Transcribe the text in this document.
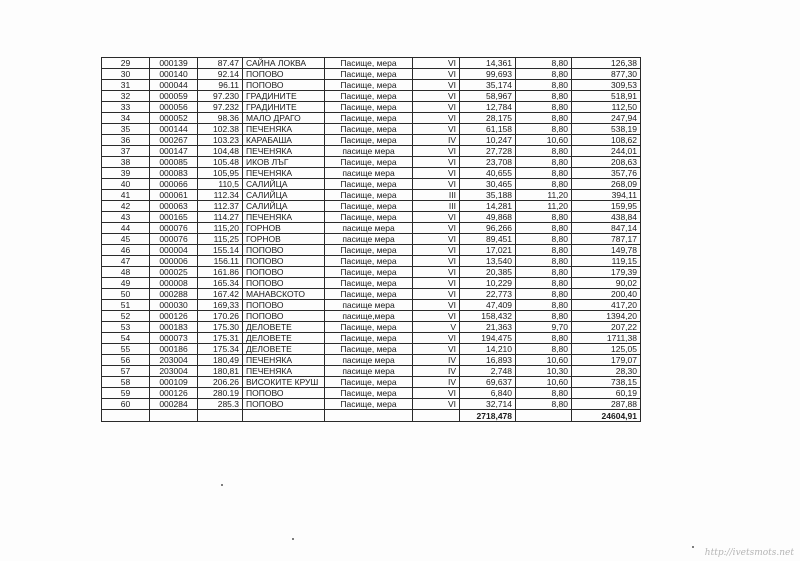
29	000139	87.47	САЙНА ЛОКВА	Пасище, мера	VI	14,361	8,80	126,38
30	000140	92.14	ПОПОВО	Пасище, мера	VI	99,693	8,80	877,30
31	000044	96.11	ПОПОВО	Пасище, мера	VI	35,174	8,80	309,53
32	000059	97.230	ГРАДИНИТЕ	Пасище, мера	VI	58,967	8,80	518,91
33	000056	97.232	ГРАДИНИТЕ	Пасище, мера	VI	12,784	8,80	112,50
34	000052	98.36	МАЛО ДРАГО	Пасище, мера	VI	28,175	8,80	247,94
35	000144	102.38	ПЕЧЕНЯКА	Пасище, мера	VI	61,158	8,80	538,19
36	000267	103.23	КАРАБАША	Пасище, мера	IV	10,247	10,60	108,62
37	000147	104,48	ПЕЧЕНЯКА	пасище мера	VI	27,728	8,80	244,01
38	000085	105.48	ИКОВ ЛЪГ	Пасище, мера	VI	23,708	8,80	208,63
39	000083	105,95	ПЕЧЕНЯКА	пасище мера	VI	40,655	8,80	357,76
40	000066	110,5	САЛИЙЦА	Пасище, мера	VI	30,465	8,80	268,09
41	000061	112.34	САЛИЙЦА	Пасище, мера	III	35,188	11,20	394,11
42	000063	112.37	САЛИЙЦА	Пасище, мера	III	14,281	11,20	159,95
43	000165	114.27	ПЕЧЕНЯКА	Пасище, мера	VI	49,868	8,80	438,84
44	000076	115,20	ГОРНОВ	пасище мера	VI	96,266	8,80	847,14
45	000076	115,25	ГОРНОВ	пасище мера	VI	89,451	8,80	787,17
46	000004	155.14	ПОПОВО	Пасище, мера	VI	17,021	8,80	149,78
47	000006	156.11	ПОПОВО	Пасище, мера	VI	13,540	8,80	119,15
48	000025	161.86	ПОПОВО	Пасище, мера	VI	20,385	8,80	179,39
49	000008	165.34	ПОПОВО	Пасище, мера	VI	10,229	8,80	90,02
50	000288	167.42	МАНАВСКОТО	Пасище, мера	VI	22,773	8,80	200,40
51	000030	169,33	ПОПОВО	пасище мера	VI	47,409	8,80	417,20
52	000126	170.26	ПОПОВО	пасище,мера	VI	158,432	8,80	1394,20
53	000183	175.30	ДЕЛОВЕТЕ	Пасище, мера	V	21,363	9,70	207,22
54	000073	175.31	ДЕЛОВЕТЕ	Пасище, мера	VI	194,475	8,80	1711,38
55	000186	175.34	ДЕЛОВЕТЕ	Пасище, мера	VI	14,210	8,80	125,05
56	203004	180,49	ПЕЧЕНЯКА	пасище мера	IV	16,893	10,60	179,07
57	203004	180,81	ПЕЧЕНЯКА	пасище мера	IV	2,748	10,30	28,30
58	000109	206.26	ВИСОКИТЕ КРУШ	Пасище, мера	IV	69,637	10,60	738,15
59	000126	280.19	ПОПОВО	Пасище, мера	VI	6,840	8,80	60,19
60	000284	285.3	ПОПОВО	Пасище, мера	VI	32,714	8,80	287,88
						2718,478		24604,91
http://ivetsmots.net
